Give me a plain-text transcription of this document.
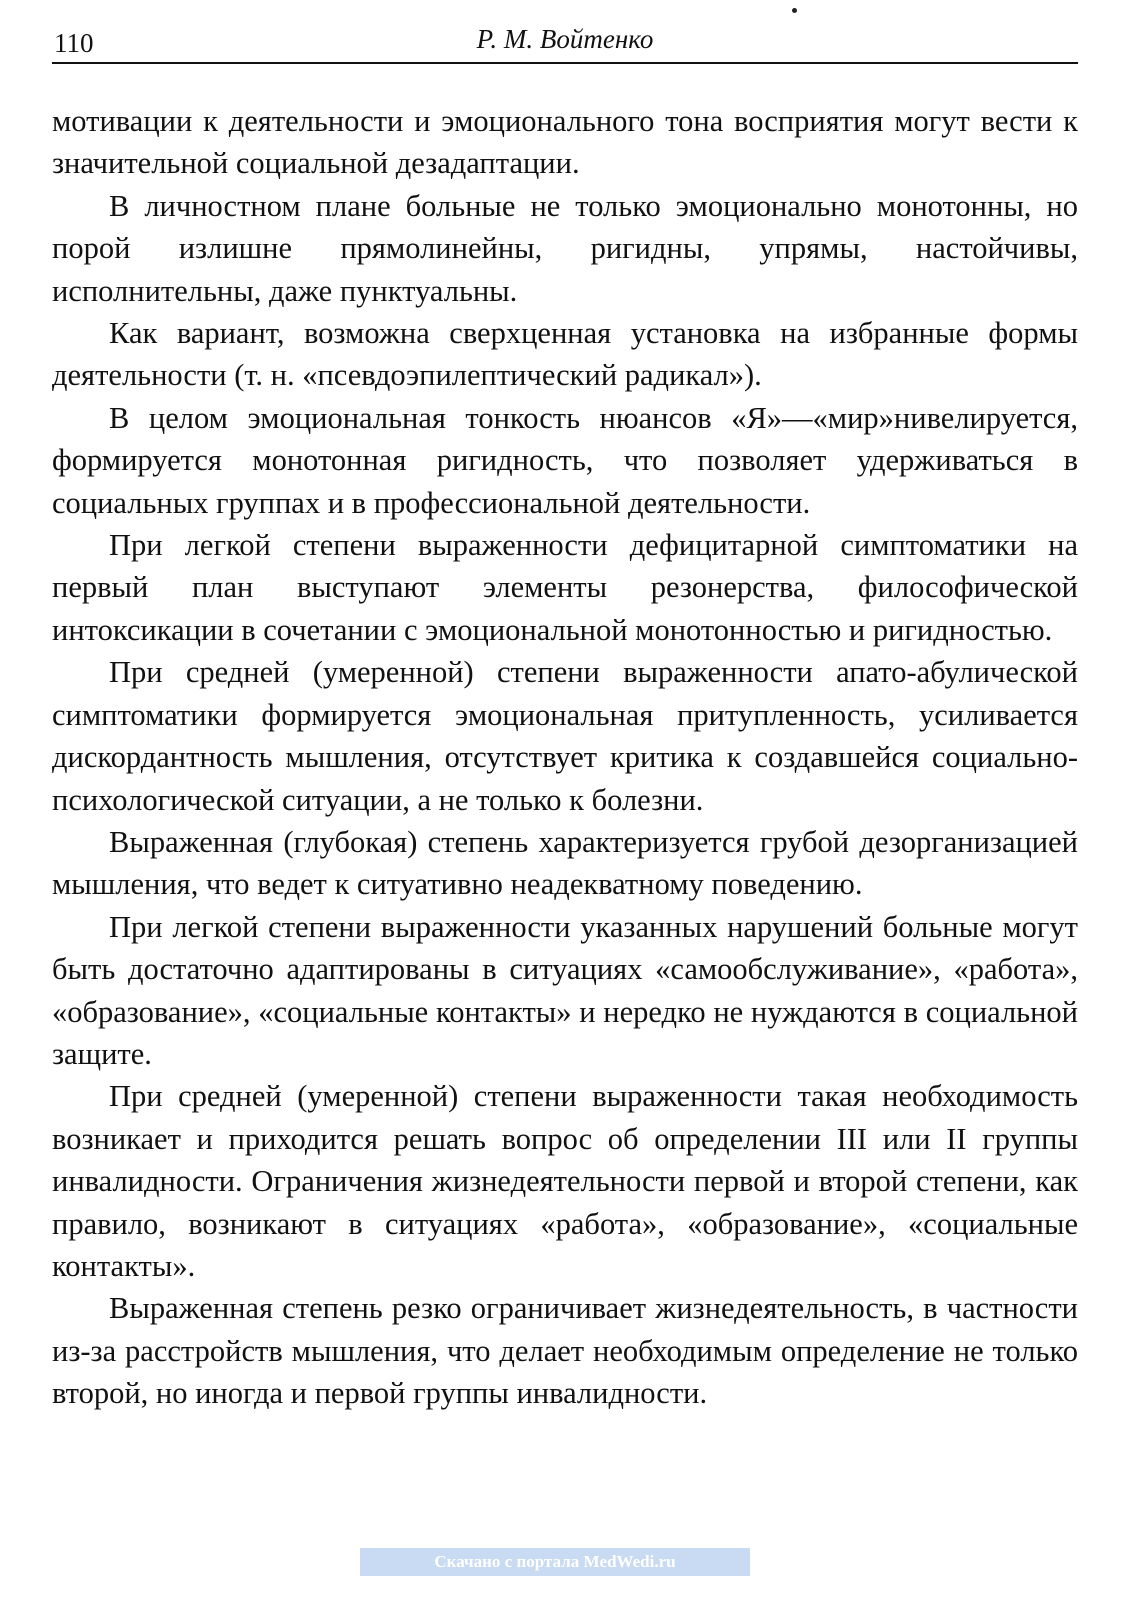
110	Р. М. Войтенко

мотивации к деятельности и эмоционального тона восприятия могут вести к значительной социальной дезадаптации.

В личностном плане больные не только эмоционально монотонны, но порой излишне прямолинейны, ригидны, упрямы, настойчивы, исполнительны, даже пунктуальны.

Как вариант, возможна сверхценная установка на избранные формы деятельности (т. н. «псевдоэпилептический радикал»).

В целом эмоциональная тонкость нюансов «Я»—«мир»нивелируется, формируется монотонная ригидность, что позволяет удерживаться в социальных группах и в профессиональной деятельности.

При легкой степени выраженности дефицитарной симптоматики на первый план выступают элементы резонерства, философической интоксикации в сочетании с эмоциональной монотонностью и ригидностью.

При средней (умеренной) степени выраженности апато-абулической симптоматики формируется эмоциональная притупленность, усиливается дискордантность мышления, отсутствует критика к создавшейся социально-психологической ситуации, а не только к болезни.

Выраженная (глубокая) степень характеризуется грубой дезорганизацией мышления, что ведет к ситуативно неадекватному поведению.

При легкой степени выраженности указанных нарушений больные могут быть достаточно адаптированы в ситуациях «самообслуживание», «работа», «образование», «социальные контакты» и нередко не нуждаются в социальной защите.

При средней (умеренной) степени выраженности такая необходимость возникает и приходится решать вопрос об определении III или II группы инвалидности. Ограничения жизнедеятельности первой и второй степени, как правило, возникают в ситуациях «работа», «образование», «социальные контакты».

Выраженная степень резко ограничивает жизнедеятельность, в частности из-за расстройств мышления, что делает необходимым определение не только второй, но иногда и первой группы инвалидности.

Скачано с портала MedWedi.ru
